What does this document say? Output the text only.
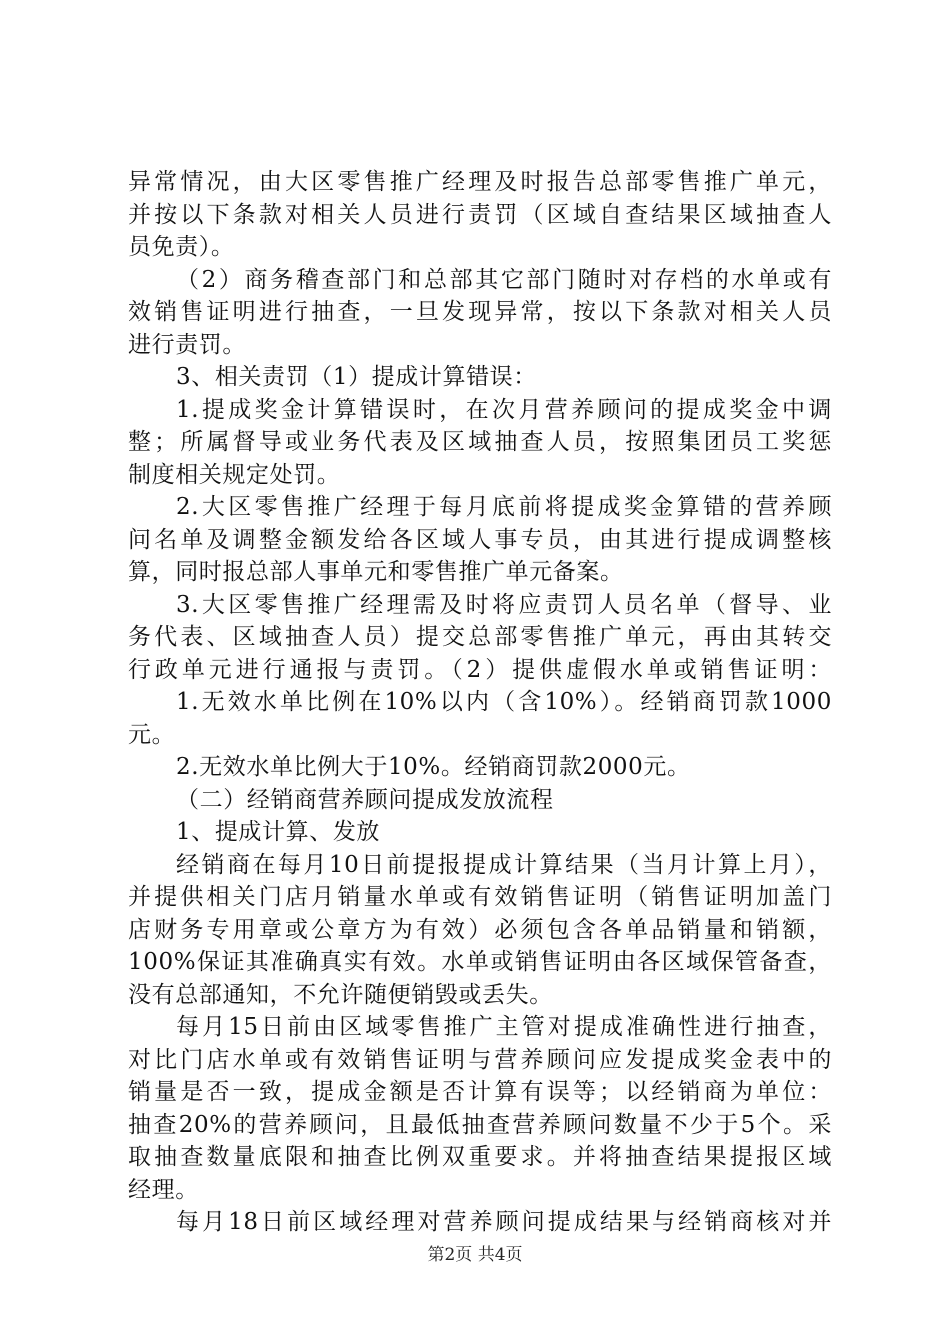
异常情况，由大区零售推广经理及时报告总部零售推广单元，
并按以下条款对相关人员进行责罚（区域自查结果区域抽查人
员免责）。
（2）商务稽查部门和总部其它部门随时对存档的水单或有
效销售证明进行抽查，一旦发现异常，按以下条款对相关人员
进行责罚。
3、相关责罚（1）提成计算错误：
1.提成奖金计算错误时，在次月营养顾问的提成奖金中调
整；所属督导或业务代表及区域抽查人员，按照集团员工奖惩
制度相关规定处罚。
2.大区零售推广经理于每月底前将提成奖金算错的营养顾
问名单及调整金额发给各区域人事专员，由其进行提成调整核
算，同时报总部人事单元和零售推广单元备案。
3.大区零售推广经理需及时将应责罚人员名单（督导、业
务代表、区域抽查人员）提交总部零售推广单元，再由其转交
行政单元进行通报与责罚。（2）提供虚假水单或销售证明：
1.无效水单比例在10%以内（含10%）。经销商罚款1000
元。
2.无效水单比例大于10%。经销商罚款2000元。
（二）经销商营养顾问提成发放流程
1、提成计算、发放
经销商在每月10日前提报提成计算结果（当月计算上月），
并提供相关门店月销量水单或有效销售证明（销售证明加盖门
店财务专用章或公章方为有效）必须包含各单品销量和销额，
100%保证其准确真实有效。水单或销售证明由各区域保管备查，
没有总部通知，不允许随便销毁或丢失。
每月15日前由区域零售推广主管对提成准确性进行抽查，
对比门店水单或有效销售证明与营养顾问应发提成奖金表中的
销量是否一致，提成金额是否计算有误等；以经销商为单位：
抽查20%的营养顾问，且最低抽查营养顾问数量不少于5个。采
取抽查数量底限和抽查比例双重要求。并将抽查结果提报区域
经理。
每月18日前区域经理对营养顾问提成结果与经销商核对并
第2页 共4页
